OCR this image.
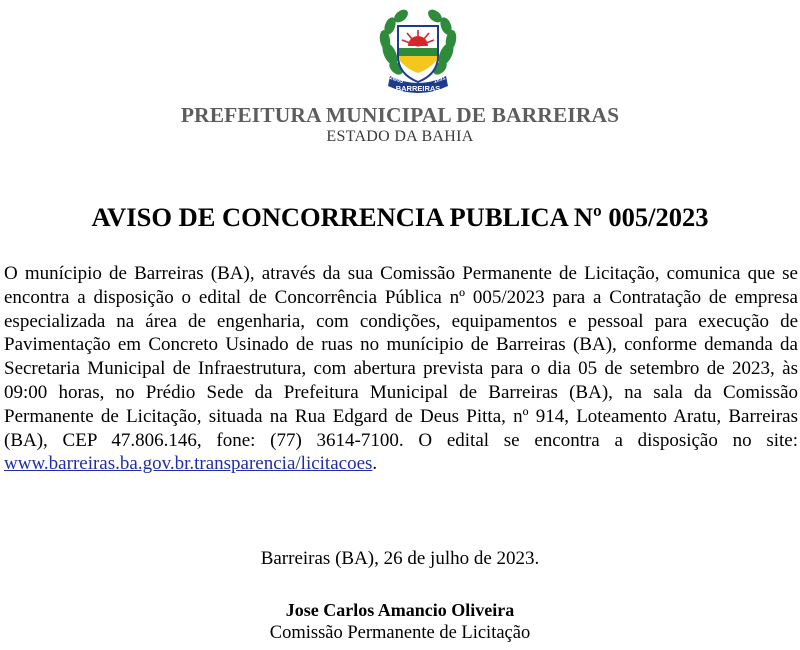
BARREIRAS
26/05	1891
PREFEITURA MUNICIPAL DE BARREIRAS
ESTADO DA BAHIA
AVISO DE CONCORRENCIA PUBLICA Nº 005/2023
O munícipio de Barreiras (BA), através da sua Comissão Permanente de Licitação, comunica que se encontra a disposição o edital de Concorrência Pública nº 005/2023 para a Contratação de empresa especializada na área de engenharia, com condições, equipamentos e pessoal para execução de Pavimentação em Concreto Usinado de ruas no munícipio de Barreiras (BA), conforme demanda da Secretaria Municipal de Infraestrutura, com abertura prevista para o dia 05 de setembro de 2023, às 09:00 horas, no Prédio Sede da Prefeitura Municipal de Barreiras (BA), na sala da Comissão Permanente de Licitação, situada na Rua Edgard de Deus Pitta, nº 914, Loteamento Aratu, Barreiras (BA), CEP 47.806.146, fone: (77) 3614-7100. O edital se encontra a disposição no site: www.barreiras.ba.gov.br.transparencia/licitacoes.
Barreiras (BA), 26 de julho de 2023.
Jose Carlos Amancio Oliveira
Comissão Permanente de Licitação
